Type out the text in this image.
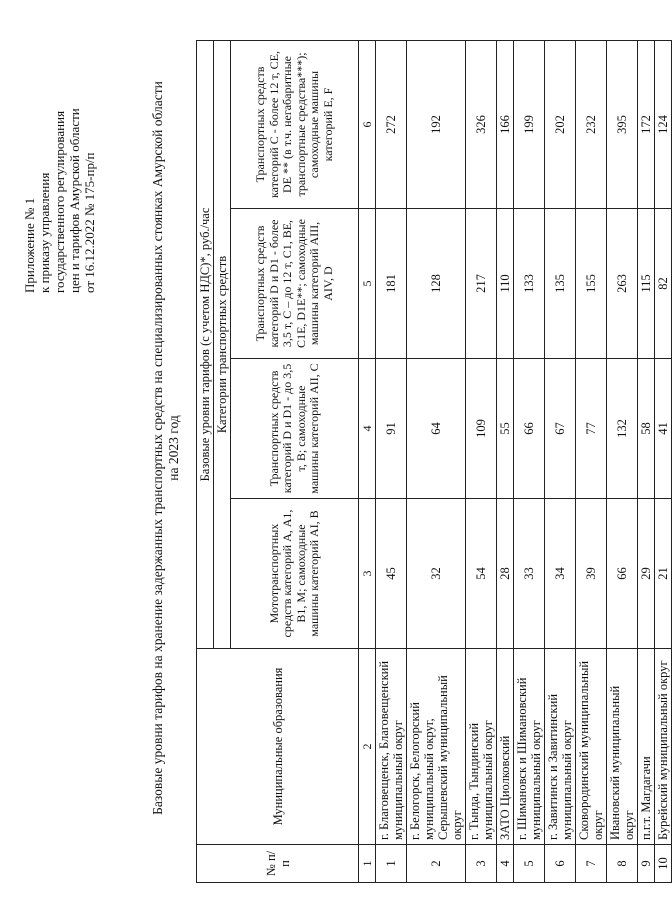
Приложение № 1 к приказу управления государственного регулирования цен и тарифов Амурской области от 16.12.2022 № 175-пр/п	Базовые уровни тарифов на хранение задержанных транспортных средств на специализированных стоянках Амурской области на 2023 год
№ п/п	Муниципальные образования	Базовые уровни тарифов (с учетом НДС)*, руб./час			
		Категории транспортных средств			
		Мототранспортных средств категорий А, А1, В1, M; самоходные машины категорий AI, B	Транспортных средств категорий D и D1 - до 3,5 т, B; самоходные машины категорий AII, C	Транспортных средств категорий D и D1 - более 3,5 т, С – до 12 т, C1, BE, C1E, D1E**; самоходные машины категорий AIII, AIV, D	Транспортных средств категорий С - более 12 т, CE, DE ** (в т.ч. негабаритные транспортные средства***); самоходные машины категорий E, F
1	2	3	4	5	6
1	г. Благовещенск, Благовещенский муниципальный округ	45	91	181	272
2	г. Белогорск, Белогорский муниципальный округ, Серышевский муниципальный округ	32	64	128	192
3	г. Тында, Тындинский муниципальный округ	54	109	217	326
4	ЗАТО Циолковский	28	55	110	166
5	г. Шимановск и Шимановский муниципальный округ	33	66	133	199
6	г. Завитинск и Завитинский муниципальный округ	34	67	135	202
7	Сковородинский муниципальный округ	39	77	155	232
8	Ивановский муниципальный округ	66	132	263	395
9	п.г.т. Магдагачи	29	58	115	172
10	Бурейский муниципальный округ	21	41	82	124
